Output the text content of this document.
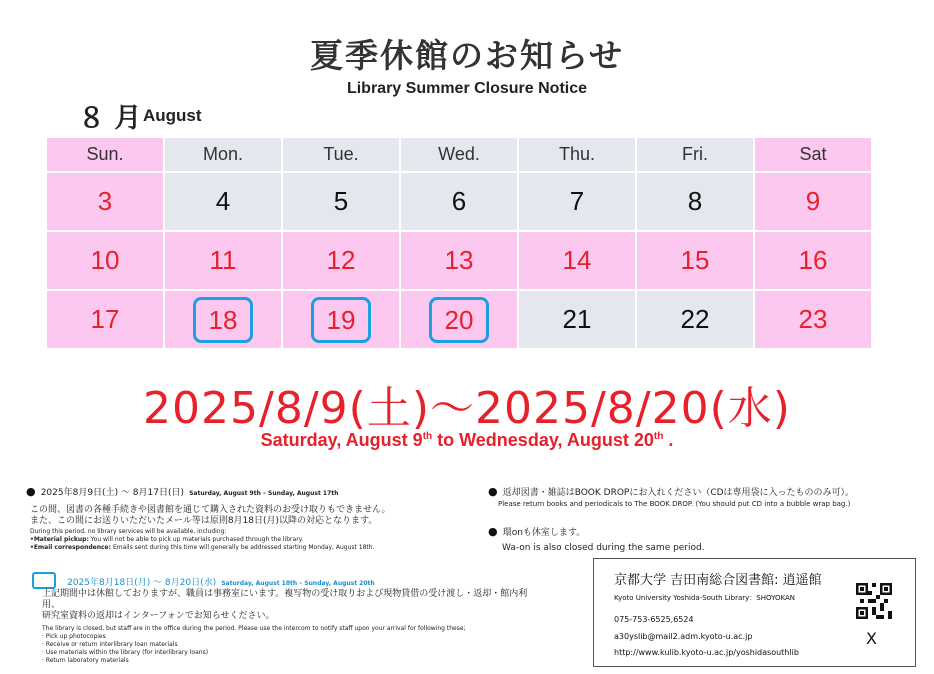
夏季休館のお知らせ
Library Summer Closure Notice
８ 月 August
Sun.	Mon.	Tue.	Wed.	Thu.	Fri.	Sat
3	4	5	6	7	8	9
10	11	12	13	14	15	16
17	18	19	20	21	22	23
2025/8/9(土)～2025/8/20(水)
Saturday, August 9th to Wednesday, August 20th .
● 2025年8月9日(土) ～ 8月17日(日) Saturday, August 9th – Sunday, August 17th
この間、図書の各種手続きや図書館を通じて購入された資料のお受け取りもできません。
また、この間にお送りいただいたメール等は原則8月18日(月)以降の対応となります。
During this period, no library services will be available, including:
•Material pickup: You will not be able to pick up materials purchased through the library.
•Email correspondence: Emails sent during this time will generally be addressed starting Monday, August 18th.
2025年8月18日(月) ～ 8月20日(水) Saturday, August 18th – Sunday, August 20th
上記期間中は休館しておりますが、職員は事務室にいます。複写物の受け取りおよび現物貸借の受け渡し・返却・館内利用、
研究室資料の返却はインターフォンでお知らせください。
The library is closed, but staff are in the office during the period. Please use the intercom to notify staff upon your arrival for following these;
· Pick up photocopies
· Receive or return interlibrary loan materials
· Use materials within the library (for interlibrary loans)
· Return laboratory materials
● 返却図書・雑誌はBOOK DROPにお入れください（CDは専用袋に入ったもののみ可）。
Please return books and periodicals to The BOOK DROP. (You should put CD into a bubble wrap bag.)
● 環onも休室します。
Wa-on is also closed during the same period.
京都大学 吉田南総合図書館: 逍遥館
Kyoto University Yoshida-South Library：SHOYOKAN
075-753-6525,6524
a30yslib@mail2.adm.kyoto-u.ac.jp
http://www.kulib.kyoto-u.ac.jp/yoshidasouthlib
X
